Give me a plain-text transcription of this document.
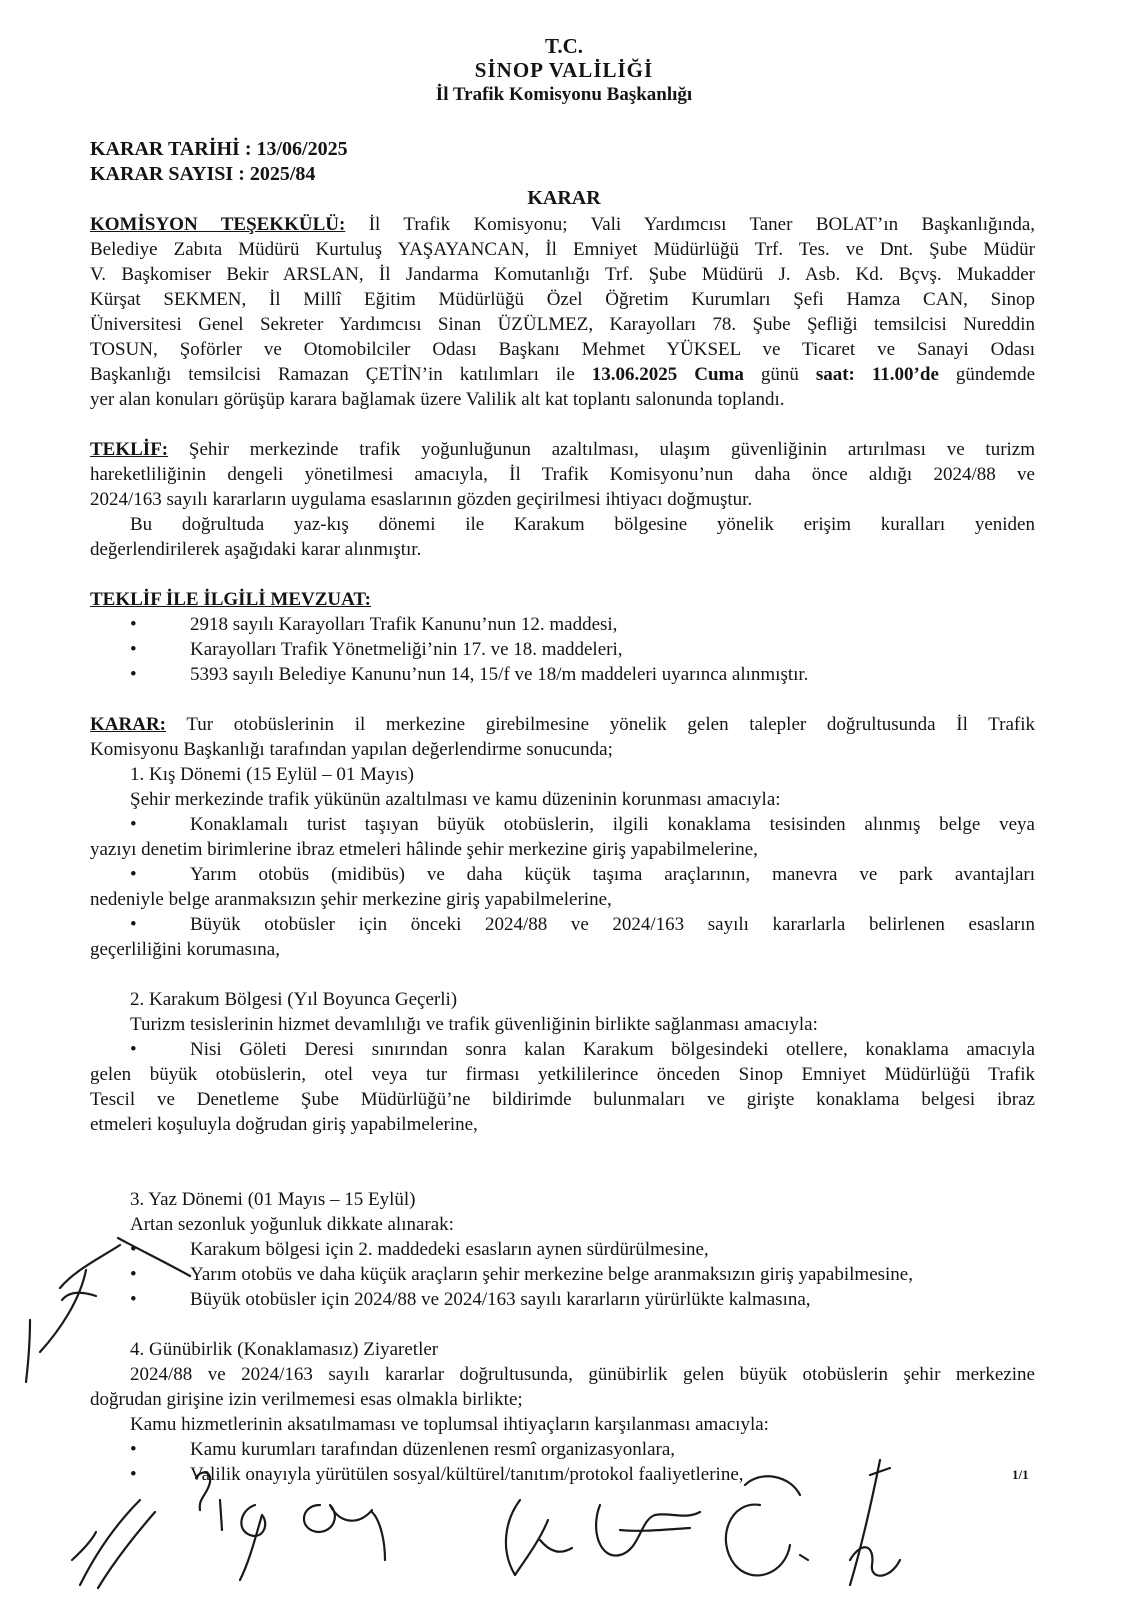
T.C.

SİNOP VALİLİĞİ

İl Trafik Komisyonu Başkanlığı

KARAR TARİHİ : 13/06/2025

KARAR SAYISI : 2025/84

KARAR

KOMİSYON TEŞEKKÜLÜ: İl Trafik Komisyonu; Vali Yardımcısı Taner BOLAT’ın Başkanlığında,

Belediye Zabıta Müdürü Kurtuluş YAŞAYANCAN, İl Emniyet Müdürlüğü Trf. Tes. ve Dnt. Şube Müdür

V. Başkomiser Bekir ARSLAN, İl Jandarma Komutanlığı Trf. Şube Müdürü J. Asb. Kd. Bçvş. Mukadder

Kürşat SEKMEN, İl Millî Eğitim Müdürlüğü Özel Öğretim Kurumları Şefi Hamza CAN, Sinop

Üniversitesi Genel Sekreter Yardımcısı Sinan ÜZÜLMEZ, Karayolları 78. Şube Şefliği temsilcisi Nureddin

TOSUN, Şoförler ve Otomobilciler Odası Başkanı Mehmet YÜKSEL ve Ticaret ve Sanayi Odası

Başkanlığı temsilcisi Ramazan ÇETİN’in katılımları ile 13.06.2025 Cuma günü saat: 11.00’de gündemde

yer alan konuları görüşüp karara bağlamak üzere Valilik alt kat toplantı salonunda toplandı.

TEKLİF: Şehir merkezinde trafik yoğunluğunun azaltılması, ulaşım güvenliğinin artırılması ve turizm

hareketliliğinin dengeli yönetilmesi amacıyla, İl Trafik Komisyonu’nun daha önce aldığı 2024/88 ve

2024/163 sayılı kararların uygulama esaslarının gözden geçirilmesi ihtiyacı doğmuştur.

Bu doğrultuda yaz-kış dönemi ile Karakum bölgesine yönelik erişim kuralları yeniden

değerlendirilerek aşağıdaki karar alınmıştır.

TEKLİF İLE İLGİLİ MEVZUAT:

• 2918 sayılı Karayolları Trafik Kanunu’nun 12. maddesi,

• Karayolları Trafik Yönetmeliği’nin 17. ve 18. maddeleri,

• 5393 sayılı Belediye Kanunu’nun 14, 15/f ve 18/m maddeleri uyarınca alınmıştır.

KARAR: Tur otobüslerinin il merkezine girebilmesine yönelik gelen talepler doğrultusunda İl Trafik

Komisyonu Başkanlığı tarafından yapılan değerlendirme sonucunda;

1. Kış Dönemi (15 Eylül – 01 Mayıs)

Şehir merkezinde trafik yükünün azaltılması ve kamu düzeninin korunması amacıyla:

• Konaklamalı turist taşıyan büyük otobüslerin, ilgili konaklama tesisinden alınmış belge veya

yazıyı denetim birimlerine ibraz etmeleri hâlinde şehir merkezine giriş yapabilmelerine,

• Yarım otobüs (midibüs) ve daha küçük taşıma araçlarının, manevra ve park avantajları

nedeniyle belge aranmaksızın şehir merkezine giriş yapabilmelerine,

• Büyük otobüsler için önceki 2024/88 ve 2024/163 sayılı kararlarla belirlenen esasların

geçerliliğini korumasına,

2. Karakum Bölgesi (Yıl Boyunca Geçerli)

Turizm tesislerinin hizmet devamlılığı ve trafik güvenliğinin birlikte sağlanması amacıyla:

• Nisi Göleti Deresi sınırından sonra kalan Karakum bölgesindeki otellere, konaklama amacıyla

gelen büyük otobüslerin, otel veya tur firması yetkililerince önceden Sinop Emniyet Müdürlüğü Trafik

Tescil ve Denetleme Şube Müdürlüğü’ne bildirimde bulunmaları ve girişte konaklama belgesi ibraz

etmeleri koşuluyla doğrudan giriş yapabilmelerine,

3. Yaz Dönemi (01 Mayıs – 15 Eylül)

Artan sezonluk yoğunluk dikkate alınarak:

• Karakum bölgesi için 2. maddedeki esasların aynen sürdürülmesine,

• Yarım otobüs ve daha küçük araçların şehir merkezine belge aranmaksızın giriş yapabilmesine,

• Büyük otobüsler için 2024/88 ve 2024/163 sayılı kararların yürürlükte kalmasına,

4. Günübirlik (Konaklamasız) Ziyaretler

2024/88 ve 2024/163 sayılı kararlar doğrultusunda, günübirlik gelen büyük otobüslerin şehir merkezine

doğrudan girişine izin verilmemesi esas olmakla birlikte;

Kamu hizmetlerinin aksatılmaması ve toplumsal ihtiyaçların karşılanması amacıyla:

• Kamu kurumları tarafından düzenlenen resmî organizasyonlara,

• Valilik onayıyla yürütülen sosyal/kültürel/tanıtım/protokol faaliyetlerine,	1/1
